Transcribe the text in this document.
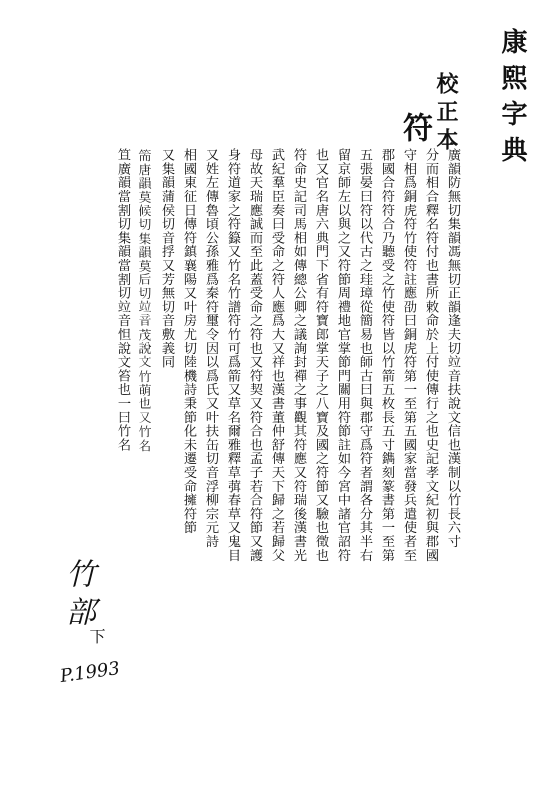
康熙字典
校正本
符
廣韻防無切集韻馮無切正韻逢夫切竝音扶說文信也漢制以竹長六寸
分而相合釋名符付也書所敕命於上付使傳行之也史記孝文紀初與郡國
守相爲銅虎符竹使符註應劭曰銅虎符第一至第五國家當發兵遣使者至
郡國合符符合乃聽受之竹使符皆以竹箭五枚長五寸鐫刻篆書第一至第
五張晏曰符以代古之珪璋從簡易也師古曰與郡守爲符者謂各分其半右
留京師左以與之又符節周禮地官掌節門關用符節註如今宮中諸官詔符
也又官名唐六典門下省有符寶郎掌天子之八寶及國之符節又驗也徵也
符命史記司馬相如傳總公卿之議詢封禪之事觀其符應又符瑞後漢書光
武紀羣臣奏曰受命之符人應爲大又祥也漢書董仲舒傳天下歸之若歸父
母故天瑞應誠而至此蓋受命之符也又符契又符合也孟子若合符節又護
身符道家之符籙又竹名竹譜符竹可爲箭又草名爾雅釋草葞春草又鬼目
又姓左傳魯頃公孫雅爲秦符璽令因以爲氏又叶扶缶切音浮柳宗元詩
相國東征日傳符鎮襄陽又叶房尤切陸機詩秉節化未遷受命擁符節
又集韻蒲侯切音捊又芳無切音敷義同
𥬵唐韻莫候切集韻莫后切竝音茂說文竹萌也又竹名
笪廣韻當割切集韻當割切竝音怛說文笞也一曰竹名
竹部
下
P.1993
